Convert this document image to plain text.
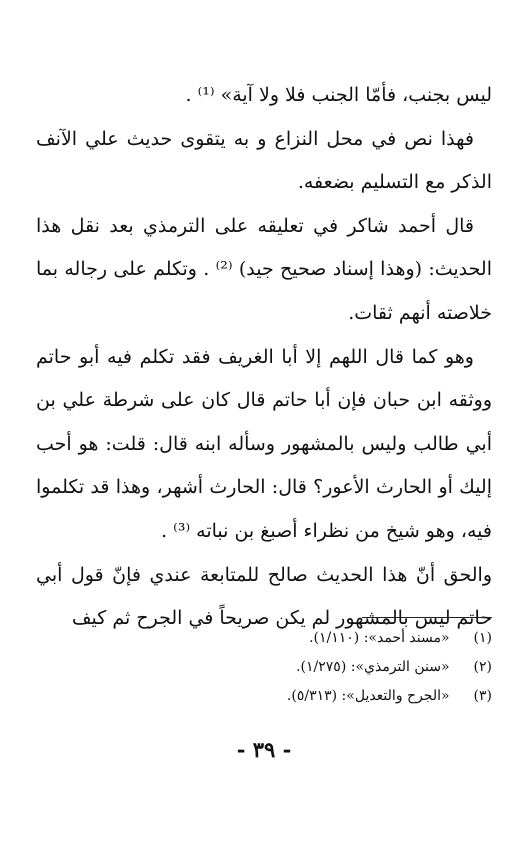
ليس بجنب، فأمّا الجنب فلا ولا آية» ⁽¹⁾ .

فهذا نص في محل النزاع و به يتقوى حديث علي الآنف الذكر مع التسليم بضعفه.

قال أحمد شاكر في تعليقه على الترمذي بعد نقل هذا الحديث: (وهذا إسناد صحيح جيد) ⁽²⁾ . وتكلم على رجاله بما خلاصته أنهم ثقات.

وهو كما قال اللهم إلا أبا الغريف فقد تكلم فيه أبو حاتم ووثقه ابن حبان فإن أبا حاتم قال كان على شرطة علي بن أبي طالب وليس بالمشهور وسأله ابنه قال: قلت: هو أحب إليك أو الحارث الأعور؟ قال: الحارث أشهر، وهذا قد تكلموا فيه، وهو شيخ من نظراء أصبغ بن نباته ⁽³⁾ .

والحق أنّ هذا الحديث صالح للمتابعة عندي فإنّ قول أبي حاتم ليس بالمشهور لم يكن صريحاً في الجرح ثم كيف

(١) «مسند أحمد»: (١/١١٠).
(٢) «سنن الترمذي»: (١/٢٧٥).
(٣) «الجرح والتعديل»: (٥/٣١٣).
- ٣٩ -
